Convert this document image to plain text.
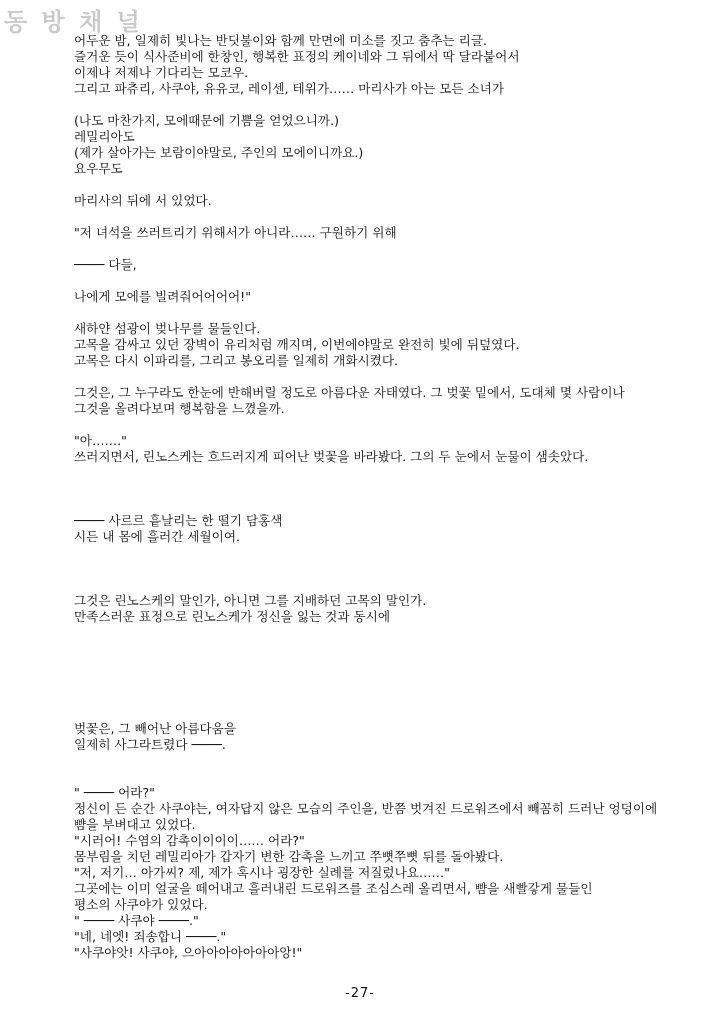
동 방 채 널
어두운 밤, 일제히 빛나는 반딧불이와 함께 만면에 미소를 짓고 춤추는 리글.
즐거운 듯이 식사준비에 한창인, 행복한 표정의 케이네와 그 뒤에서 딱 달라붙어서
이제나 저제나 기다리는 모코우.
그리고 파츄리, 사쿠야, 유유코, 레이센, 테위가…… 마리사가 아는 모든 소녀가
(나도 마찬가지, 모에때문에 기쁨을 얻었으니까.)
레밀리아도
(제가 살아가는 보람이야말로, 주인의 모에이니까요.)
요우무도
마리사의 뒤에 서 있었다.
"저 녀석을 쓰러트리기 위해서가 아니라…… 구원하기 위해
──── 다들,
나에게 모에를 빌려줘어어어어!"
새하얀 섬광이 벚나무를 물들인다.
고목을 감싸고 있던 장벽이 유리처럼 깨지며, 이번에야말로 완전히 빛에 뒤덮였다.
고목은 다시 이파리를, 그리고 봉오리를 일제히 개화시켰다.
그것은, 그 누구라도 한눈에 반해버릴 정도로 아름다운 자태였다. 그 벚꽃 밑에서, 도대체 몇 사람이나
그것을 올려다보며 행복함을 느꼈을까.
"아……."
쓰러지면서, 린노스케는 흐드러지게 피어난 벚꽃을 바라봤다. 그의 두 눈에서 눈물이 샘솟았다.
──── 사르르 흩날리는 한 떨기 담홍색
시든 내 몸에 흘러간 세월이여.
그것은 린노스케의 말인가, 아니면 그를 지배하던 고목의 말인가.
만족스러운 표정으로 린노스케가 정신을 잃는 것과 동시에
벚꽃은, 그 빼어난 아름다움을
일제히 사그라트렸다 ────.
" ──── 어라?"
정신이 든 순간 사쿠야는, 여자답지 않은 모습의 주인을, 반쯤 벗겨진 드로워즈에서 빼꼼히 드러난 엉덩이에
뺨을 부벼대고 있었다.
"시러어! 수염의 감촉이이이이…… 어라?"
몸부림을 치던 레밀리아가 갑자기 변한 감촉을 느끼고 쭈뼛쭈뼛 뒤를 돌아봤다.
"저, 저기… 아가씨? 제, 제가 혹시나 굉장한 실례를 저질렀나요……"
그곳에는 이미 얼굴을 떼어내고 흘러내린 드로워즈를 조심스레 올리면서, 뺨을 새빨갛게 물들인
평소의 사쿠야가 있었다.
" ──── 사쿠야 ────."
"네, 네엣! 죄송합니 ────."
"사쿠야앗! 사쿠야, 으아아아아아아아앙!"
-27-
